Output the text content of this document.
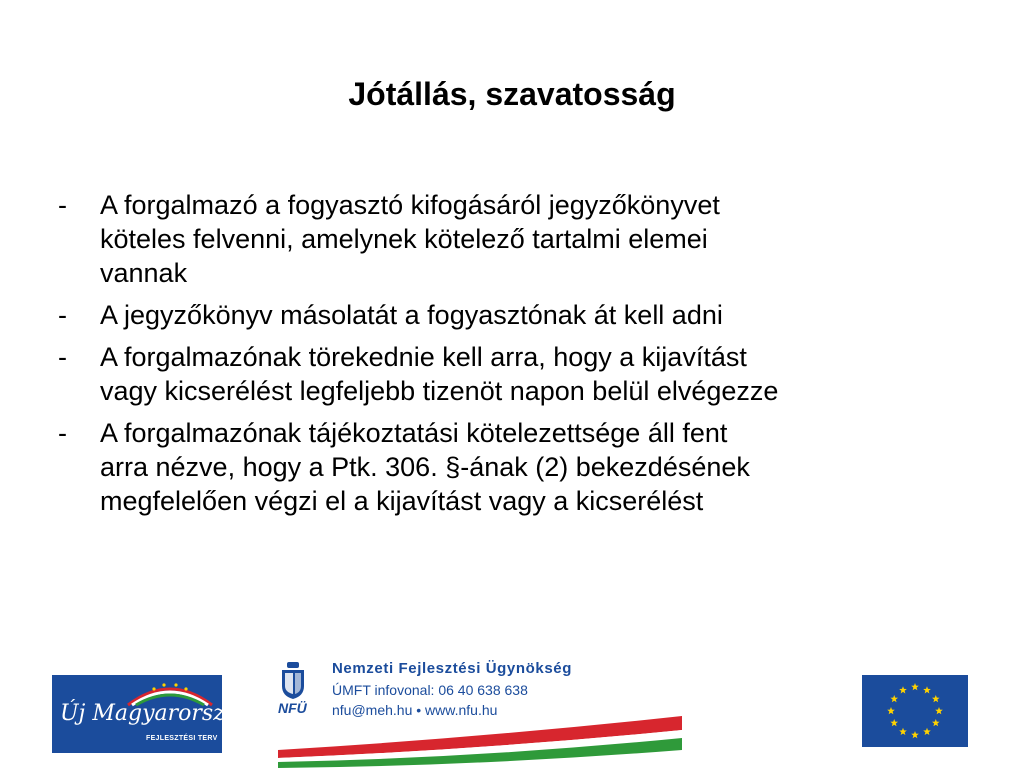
Jótállás, szavatosság
- A forgalmazó a fogyasztó kifogásáról jegyzőkönyvet
köteles felvenni, amelynek kötelező tartalmi elemei
vannak
- A jegyzőkönyv másolatát a fogyasztónak át kell adni
- A forgalmazónak törekednie kell arra, hogy a kijavítást
vagy kicserélést legfeljebb tizenöt napon belül elvégezze
- A forgalmazónak tájékoztatási kötelezettsége áll fent
arra nézve, hogy a Ptk. 306. §-ának (2) bekezdésének
megfelelően végzi el a kijavítást vagy a kicserélést
Új Magyarország
FEJLESZTÉSI TERV
NFÜ
Nemzeti Fejlesztési Ügynökség
ÚMFT infovonal: 06 40 638 638
nfu@meh.hu • www.nfu.hu
